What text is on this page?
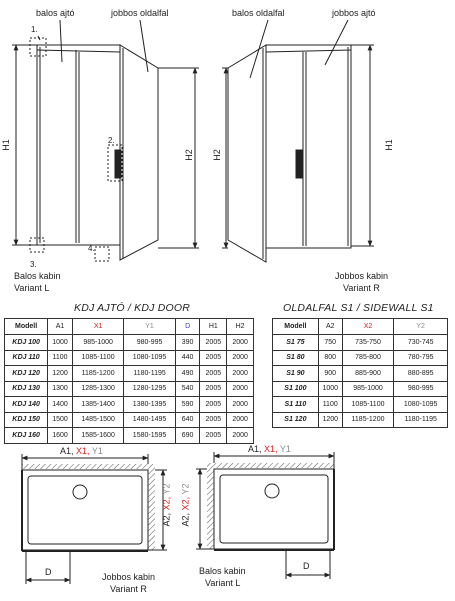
balos ajtó	jobbos oldalfal
1.
2.
3.
4.
H1
H2
Balos kabin
Variant L
balos oldalfal	jobbos ajtó
H2
H1
Jobbos kabin
Variant R
KDJ AJTÓ / KDJ DOOR	OLDALFAL S1 / SIDEWALL S1
Modell	A1	X1	Y1	D	H1	H2
KDJ 100	1000	985-1000	980-995	390	2005	2000
KDJ 110	1100	1085-1100	1080-1095	440	2005	2000
KDJ 120	1200	1185-1200	1180-1195	490	2005	2000
KDJ 130	1300	1285-1300	1280-1295	540	2005	2000
KDJ 140	1400	1385-1400	1380-1395	590	2005	2000
KDJ 150	1500	1485-1500	1480-1495	640	2005	2000
KDJ 160	1600	1585-1600	1580-1595	690	2005	2000
Modell	A2	X2	Y2
S1 75	750	735-750	730-745
S1 80	800	785-800	780-795
S1 90	900	885-900	880-895
S1 100	1000	985-1000	980-995
S1 110	1100	1085-1100	1080-1095
S1 120	1200	1185-1200	1180-1195
A1, X1, Y1
A2, X2, Y2
D	Jobbos kabin
Variant R
A1, X1, Y1
A2, X2, Y2
D
Balos kabin
Variant L
